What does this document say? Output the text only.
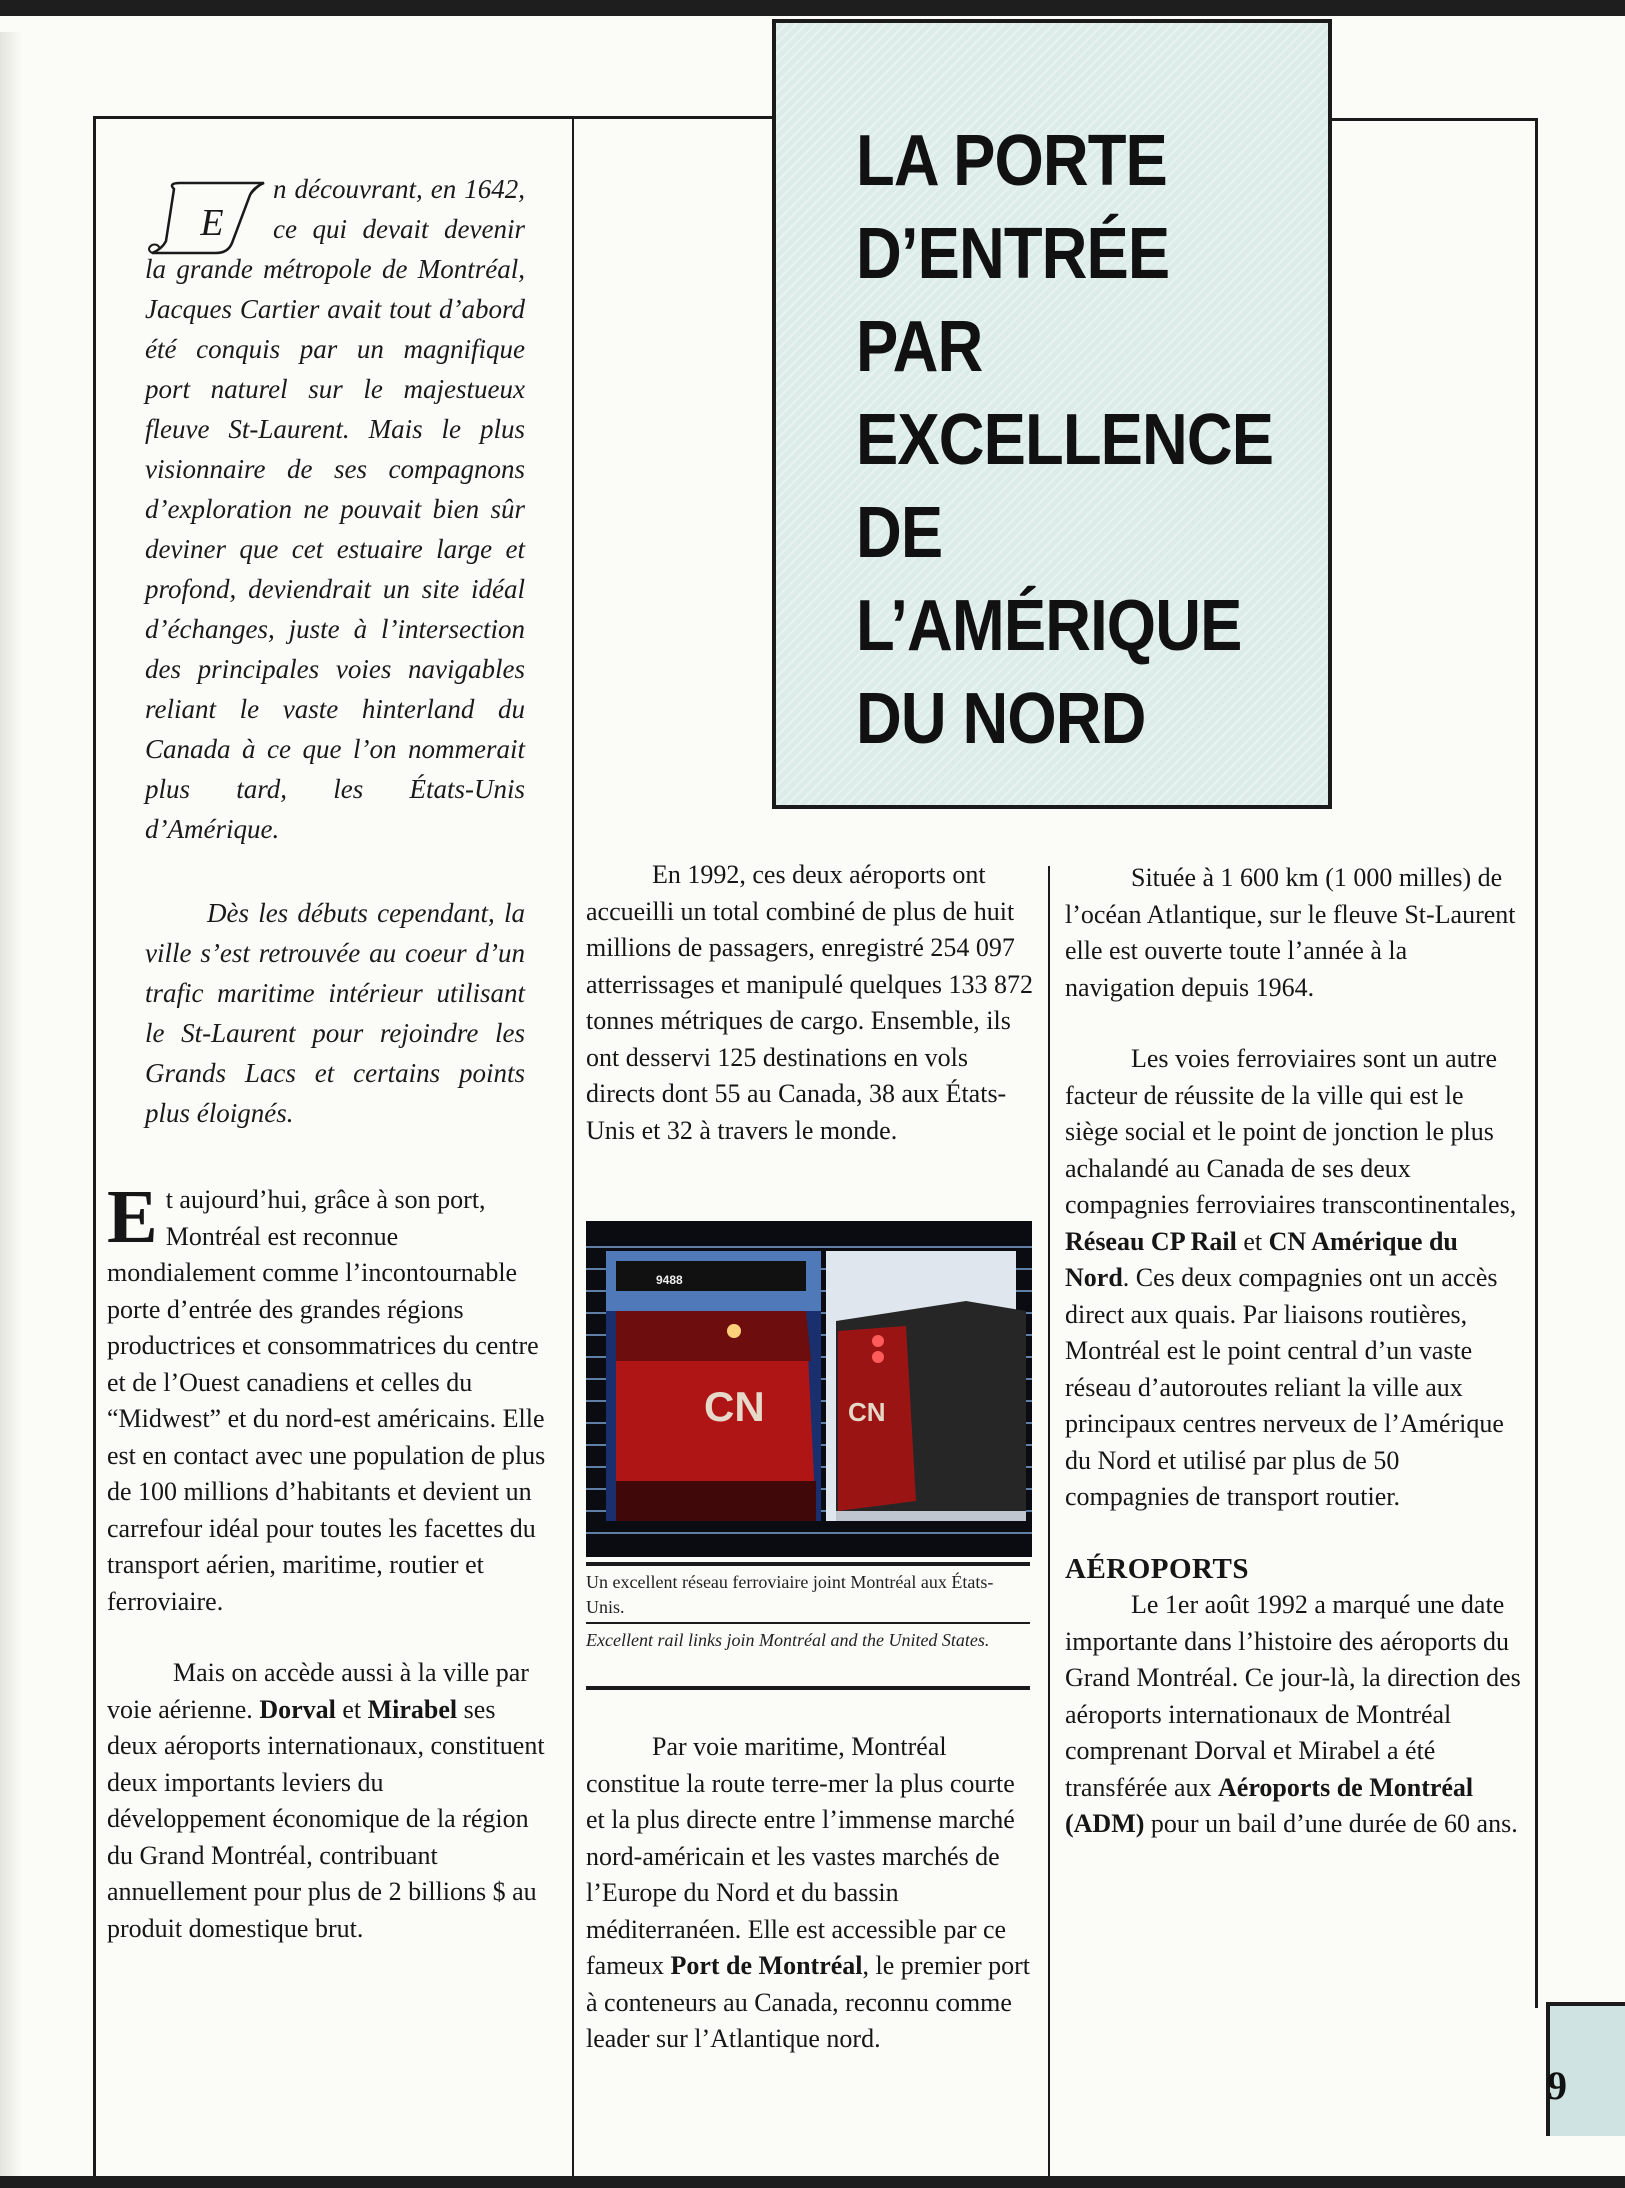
LA PORTE
D’ENTRÉE
PAR
EXCELLENCE
DE
L’AMÉRIQUE
DU NORD
E

n découvrant, en 1642, ce qui devait devenir la grande métropole de Montréal, Jacques Cartier avait tout d’abord été conquis par un magnifique port naturel sur le majestueux fleuve St-Laurent. Mais le plus visionnaire de ses compagnons d’exploration ne pouvait bien sûr deviner que cet estuaire large et profond, deviendrait un site idéal d’échanges, juste à l’intersection des principales voies navigables reliant le vaste hinterland du Canada à ce que l’on nommerait plus tard, les États-Unis d’Amérique.

Dès les débuts cependant, la ville s’est retrouvée au coeur d’un trafic maritime intérieur utilisant le St-Laurent pour rejoindre les Grands Lacs et certains points plus éloignés.

Et aujourd’hui, grâce à son port, Montréal est reconnue mondialement comme l’incontournable porte d’entrée des grandes régions productrices et consommatrices du centre et de l’Ouest canadiens et celles du “Midwest” et du nord-est américains. Elle est en contact avec une population de plus de 100 millions d’habitants et devient un carrefour idéal pour toutes les facettes du transport aérien, maritime, routier et ferroviaire.

Mais on accède aussi à la ville par voie aérienne. Dorval et Mirabel ses deux aéroports internationaux, constituent deux importants leviers du développement économique de la région du Grand Montréal, contribuant annuellement pour plus de 2 billions $ au produit domestique brut.

En 1992, ces deux aéroports ont accueilli un total combiné de plus de huit millions de passagers, enregistré 254 097 atterrissages et manipulé quelques 133 872 tonnes métriques de cargo. Ensemble, ils ont desservi 125 destinations en vols directs dont 55 au Canada, 38 aux États-Unis et 32 à travers le monde.

9488
CN	CN
Un excellent réseau ferroviaire joint Montréal aux États-Unis.
Excellent rail links join Montréal and the United States.

Par voie maritime, Montréal constitue la route terre-mer la plus courte et la plus directe entre l’immense marché nord-américain et les vastes marchés de l’Europe du Nord et du bassin méditerranéen. Elle est accessible par ce fameux Port de Montréal, le premier port à conteneurs au Canada, reconnu comme leader sur l’Atlantique nord.

Située à 1 600 km (1 000 milles) de l’océan Atlantique, sur le fleuve St-Laurent elle est ouverte toute l’année à la navigation depuis 1964.

Les voies ferroviaires sont un autre facteur de réussite de la ville qui est le siège social et le point de jonction le plus achalandé au Canada de ses deux compagnies ferroviaires transcontinentales, Réseau CP Rail et CN Amérique du Nord. Ces deux compagnies ont un accès direct aux quais. Par liaisons routières, Montréal est le point central d’un vaste réseau d’autoroutes reliant la ville aux principaux centres nerveux de l’Amérique du Nord et utilisé par plus de 50 compagnies de transport routier.

AÉROPORTS

Le 1er août 1992 a marqué une date importante dans l’histoire des aéroports du Grand Montréal. Ce jour-là, la direction des aéroports internationaux de Montréal comprenant Dorval et Mirabel a été transférée aux Aéroports de Montréal (ADM) pour un bail d’une durée de 60 ans.

9
